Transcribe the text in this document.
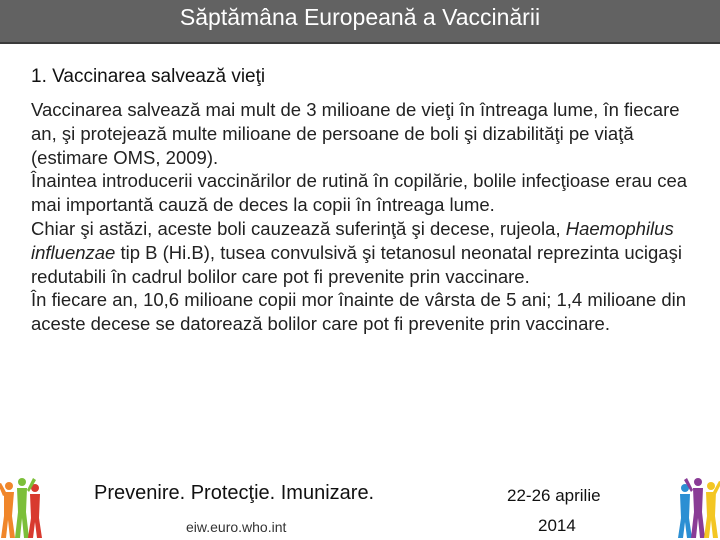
Săptămâna Europeană a Vaccinării
1. Vaccinarea salvează vieţi

Vaccinarea salvează mai mult de 3 milioane de vieţi în întreaga lume, în fiecare an, şi protejează multe milioane de persoane de boli şi dizabilităţi pe viaţă (estimare OMS, 2009).

Înaintea introducerii vaccinărilor de rutină în copilărie, bolile infecţioase erau cea mai importantă cauză de deces la copii în întreaga lume.

Chiar şi astăzi, aceste boli cauzează suferinţă şi decese, rujeola, Haemophilus influenzae tip B (Hi.B), tusea convulsivă şi tetanosul neonatal reprezinta ucigaşi redutabili în cadrul bolilor care pot fi prevenite prin vaccinare.

În fiecare an, 10,6 milioane copii mor înainte de vârsta de 5 ani; 1,4 milioane din aceste decese se datorează bolilor care pot fi prevenite prin vaccinare.

Prevenire. Protecţie. Imunizare.
eiw.euro.who.int
22-26 aprilie
2014
